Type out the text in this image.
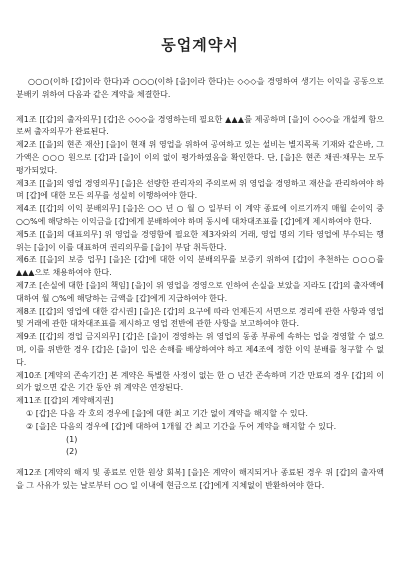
동업계약서

○○○(이하 [갑]이라 한다)과 ○○○(이하 [을]이라 한다)는 ◇◇◇을 경영하여 생기는 이익을 공동으로 분배키 위하여 다음과 같은 계약을 체결한다.

제1조 [[갑]의 출자의무] [갑]은 ◇◇◇을 경영하는데 필요한 ▲▲▲를 제공하며 [을]이 ◇◇◇을 개설케 함으로써 출자의무가 완료된다.

제2조 [[을]의 현존 재산] [을]이 현재 위 영업을 위하여 공여하고 있는 설비는 별지목록 기재와 같은바, 그 가액은 ○○○ 원으로 [갑]과 [을]이 이의 없이 평가하였음을 확인한다. 단, [을]은 현존 채권·채무는 모두 평가되었다.

제3조 [[을]의 영업 경영의무] [을]은 선량한 관리자의 주의로써 위 영업을 경영하고 재산을 관리하여야 하며 [갑]에 대한 모든 의무를 성실히 이행하여야 한다.

제4조 [[갑]의 이익 분배의무] [을]은 ○○ 년 ○ 월 ○ 일부터 이 계약 종료에 이르기까지 매월 순이익 중 ○○%에 해당하는 이익금을 [갑]에게 분배하여야 하며 동시에 대차대조표를 [갑]에게 제시하여야 한다.

제5조 [[을]의 대표의무] 위 영업을 경영함에 필요한 제3자와의 거래, 영업 명의 기타 영업에 부수되는 행위는 [을]이 이를 대표하며 권리의무를 [을]이 부담 취득한다.

제6조 [[을]의 보증 업무] [을]은 [갑]에 대한 이익 분배의무를 보증키 위하여 [갑]이 추천하는 ○○○를 ▲▲▲으로 채용하여야 한다.

제7조 [손실에 대한 [을]의 책임] [을]이 위 영업을 경영으로 인하여 손실을 보았을 지라도 [갑]의 출자액에 대하여 월 ○%에 해당하는 금액을 [갑]에게 지급하여야 한다.

제8조 [[갑]의 영업에 대한 감시권] [을]은 [갑]의 요구에 따라 언제든지 서면으로 경리에 관한 사항과 영업 및 거래에 관한 대차대조표를 제시하고 영업 전반에 관한 사항을 보고하여야 한다.

제9조 [[갑]의 경업 금지의무] [갑]은 [을]이 경영하는 위 영업의 동종 부류에 속하는 업을 경영할 수 없으며, 이를 위반한 경우 [갑]은 [을]이 입은 손해를 배상하여야 하고 제4조에 정한 이익 분배를 청구할 수 없다.

제10조 [계약의 존속기간] 본 계약은 특별한 사정이 없는 한 ○ 년간 존속하며 기간 만료의 경우 [갑]의 이의가 없으면 같은 기간 동안 위 계약은 연장된다.

제11조 [[갑]의 계약해지권]

① [갑]은 다음 각 호의 경우에 [을]에 대한 최고 기간 없이 계약을 해지할 수 있다.

② [을]은 다음의 경우에 [갑]에 대하여 1개월 간 최고 기간을 두어 계약을 해지할 수 있다.

(1)

(2)

제12조 [계약의 해지 및 종료로 인한 원상 회복] [을]은 계약이 해지되거나 종료된 경우 위 [갑]의 출자액을 그 사유가 있는 날로부터 ○○ 일 이내에 현금으로 [갑]에게 지체없이 반환하여야 한다.
